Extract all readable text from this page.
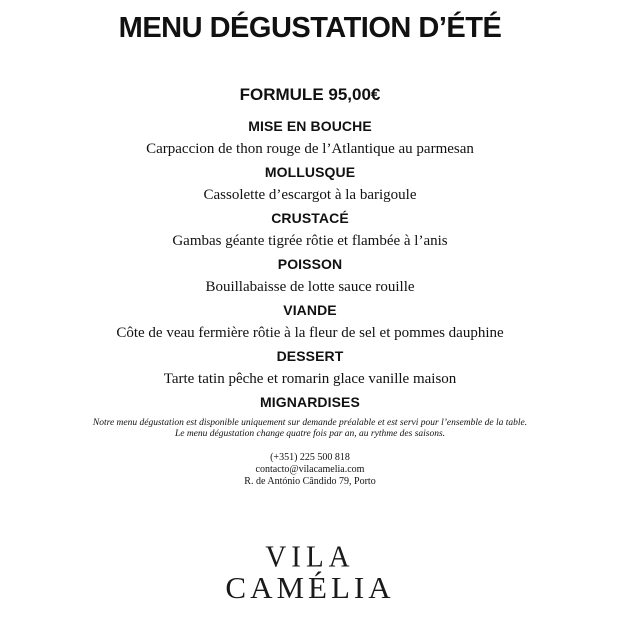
MENU DÉGUSTATION D’ÉTÉ
FORMULE 95,00€
MISE EN BOUCHE
Carpaccion de thon rouge de l’Atlantique au parmesan
MOLLUSQUE
Cassolette d’escargot à la barigoule
CRUSTACÉ
Gambas géante tigrée rôtie et flambée à l’anis
POISSON
Bouillabaisse de lotte sauce rouille
VIANDE
Côte de veau fermière rôtie à la fleur de sel et pommes dauphine
DESSERT
Tarte tatin pêche et romarin glace vanille maison
MIGNARDISES
Notre menu dégustation est disponible uniquement sur demande préalable et est servi pour l’ensemble de la table.
Le menu dégustation change quatre fois par an, au rythme des saisons.
(+351) 225 500 818
contacto@vilacamelia.com
R. de António Cândido 79, Porto
VILA
CAMÉLIA
